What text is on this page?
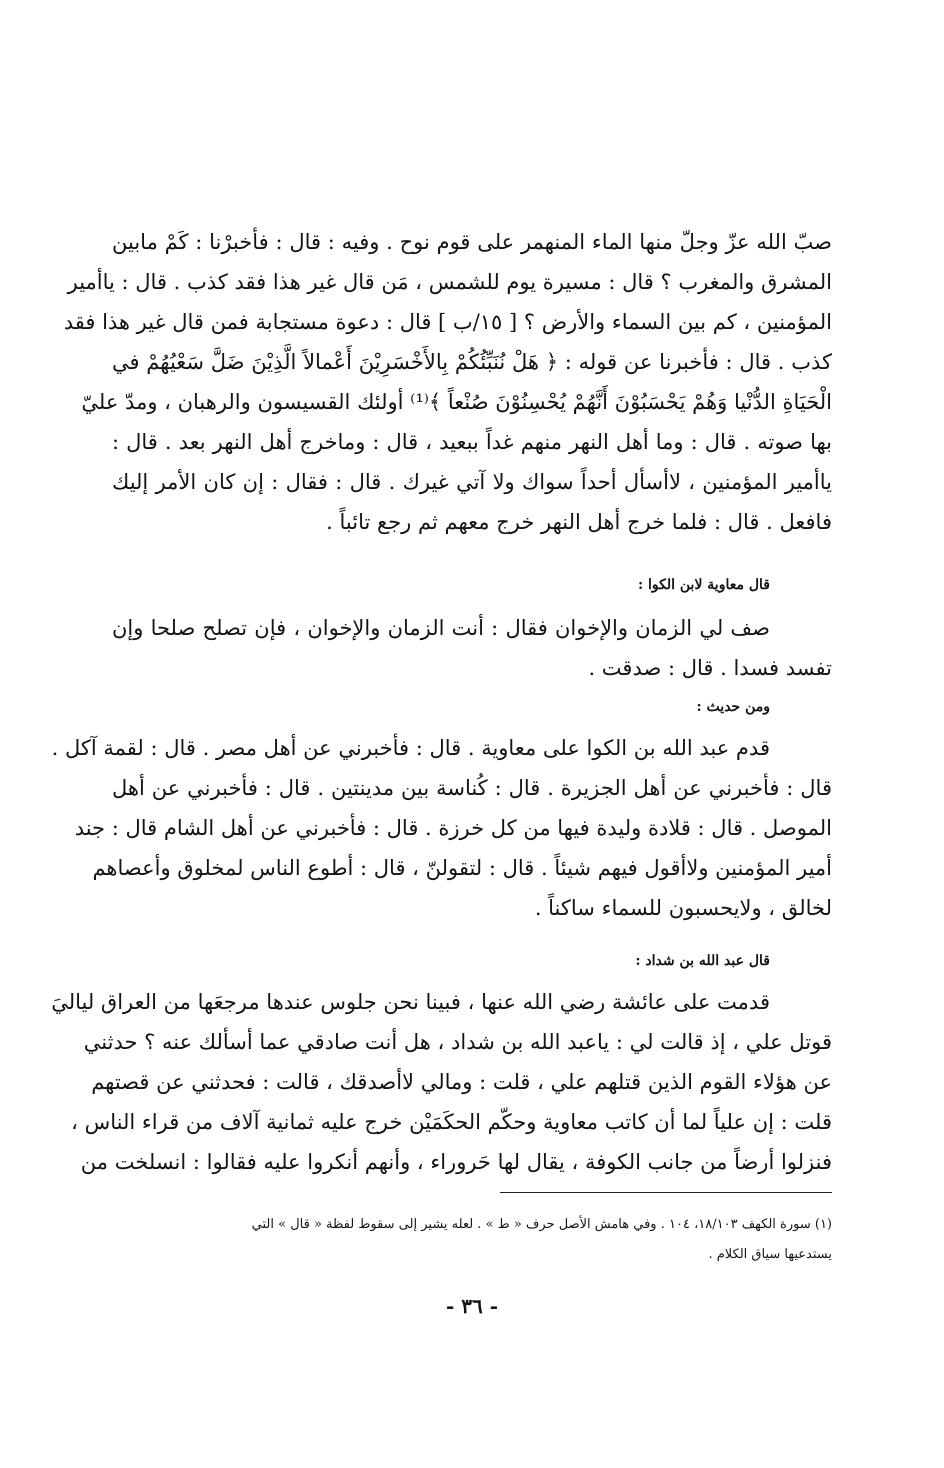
صبّ الله عزّ وجلّ منها الماء المنهمر على قوم نوح . وفيه : قال : فأخبرْنا : كَمْ مابين
المشرق والمغرب ؟ قال : مسيرة يوم للشمس ، مَن قال غير هذا فقد كذب . قال : ياأمير
المؤمنين ، كم بين السماء والأرض ؟ [ ١٥/ب ] قال : دعوة مستجابة فمن قال غير هذا فقد
كذب . قال : فأخبرنا عن قوله : ﴿ هَلْ نُنَبِّئُكُمْ بِالأَخْسَرِيْنَ أَعْمالاً الَّذِيْنَ ضَلَّ سَعْيُهُمْ في
الْحَيَاةِ الدُّنْيا وَهُمْ يَحْسَبُوْنَ أَنَّهُمْ يُحْسِنُوْنَ صُنْعاً ﴾⁽¹⁾ أولئك القسيسون والرهبان ، ومدّ عليّ
بها صوته . قال : وما أهل النهر منهم غداً ببعيد ، قال : وماخرج أهل النهر بعد . قال :
ياأمير المؤمنين ، لاأسأل أحداً سواك ولا آتي غيرك . قال : فقال : إن كان الأمر إليك
فافعل . قال : فلما خرج أهل النهر خرج معهم ثم رجع تائباً .
قال معاوية لابن الكوا :
صف لي الزمان والإخوان فقال : أنت الزمان والإخوان ، فإن تصلح صلحا وإن
تفسد فسدا . قال : صدقت .
ومن حديث :
قدم عبد الله بن الكوا على معاوية . قال : فأخبرني عن أهل مصر . قال : لقمة آكل .
قال : فأخبرني عن أهل الجزيرة . قال : كُناسة بين مدينتين . قال : فأخبرني عن أهل
الموصل . قال : قلادة وليدة فيها من كل خرزة . قال : فأخبرني عن أهل الشام قال : جند
أمير المؤمنين ولاأقول فيهم شيئاً . قال : لتقولنّ ، قال : أطوع الناس لمخلوق وأعصاهم
لخالق ، ولايحسبون للسماء ساكناً .
قال عبد الله بن شداد :
قدمت على عائشة رضي الله عنها ، فبينا نحن جلوس عندها مرجعَها من العراق لياليَ
قوتل علي ، إذ قالت لي : ياعبد الله بن شداد ، هل أنت صادقي عما أسألك عنه ؟ حدثني
عن هؤلاء القوم الذين قتلهم علي ، قلت : ومالي لاأصدقك ، قالت : فحدثني عن قصتهم
قلت : إن علياً لما أن كاتب معاوية وحكّم الحكَمَيْن خرج عليه ثمانية آلاف من قراء الناس ،
فنزلوا أرضاً من جانب الكوفة ، يقال لها حَروراء ، وأنهم أنكروا عليه فقالوا : انسلخت من
(١) سورة الكهف ١٨/١٠٣، ١٠٤ . وفي هامش الأصل حرف « ط » . لعله يشير إلى سقوط لفظة « قال » التي
يستدعيها سياق الكلام .
- ٣٦ -
